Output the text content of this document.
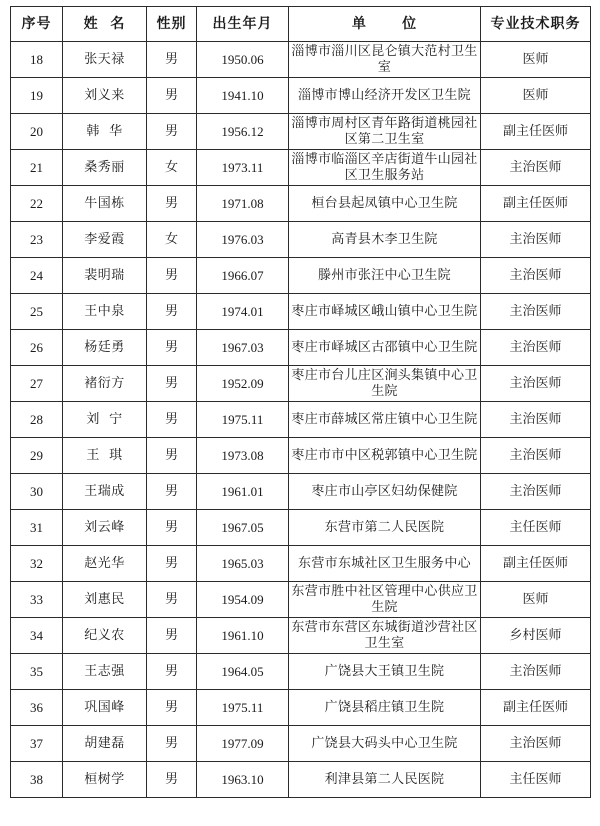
序号	姓  名	性别	出生年月	单      位	专业技术职务
18	张天禄	男	1950.06	淄博市淄川区昆仑镇大范村卫生室	医师
19	刘义来	男	1941.10	淄博市博山经济开发区卫生院	医师
20	韩  华	男	1956.12	淄博市周村区青年路街道桃园社区第二卫生室	副主任医师
21	桑秀丽	女	1973.11	淄博市临淄区辛店街道牛山园社区卫生服务站	主治医师
22	牛国栋	男	1971.08	桓台县起凤镇中心卫生院	副主任医师
23	李爱霞	女	1976.03	高青县木李卫生院	主治医师
24	裴明瑞	男	1966.07	滕州市张汪中心卫生院	主治医师
25	王中泉	男	1974.01	枣庄市峄城区峨山镇中心卫生院	主治医师
26	杨廷勇	男	1967.03	枣庄市峄城区古邵镇中心卫生院	主治医师
27	褚衍方	男	1952.09	枣庄市台儿庄区涧头集镇中心卫生院	主治医师
28	刘  宁	男	1975.11	枣庄市薛城区常庄镇中心卫生院	主治医师
29	王  琪	男	1973.08	枣庄市市中区税郭镇中心卫生院	主治医师
30	王瑞成	男	1961.01	枣庄市山亭区妇幼保健院	主治医师
31	刘云峰	男	1967.05	东营市第二人民医院	主任医师
32	赵光华	男	1965.03	东营市东城社区卫生服务中心	副主任医师
33	刘惠民	男	1954.09	东营市胜中社区管理中心供应卫生院	医师
34	纪义农	男	1961.10	东营市东营区东城街道沙营社区卫生室	乡村医师
35	王志强	男	1964.05	广饶县大王镇卫生院	主治医师
36	巩国峰	男	1975.11	广饶县稻庄镇卫生院	副主任医师
37	胡建磊	男	1977.09	广饶县大码头中心卫生院	主治医师
38	桓树学	男	1963.10	利津县第二人民医院	主任医师
